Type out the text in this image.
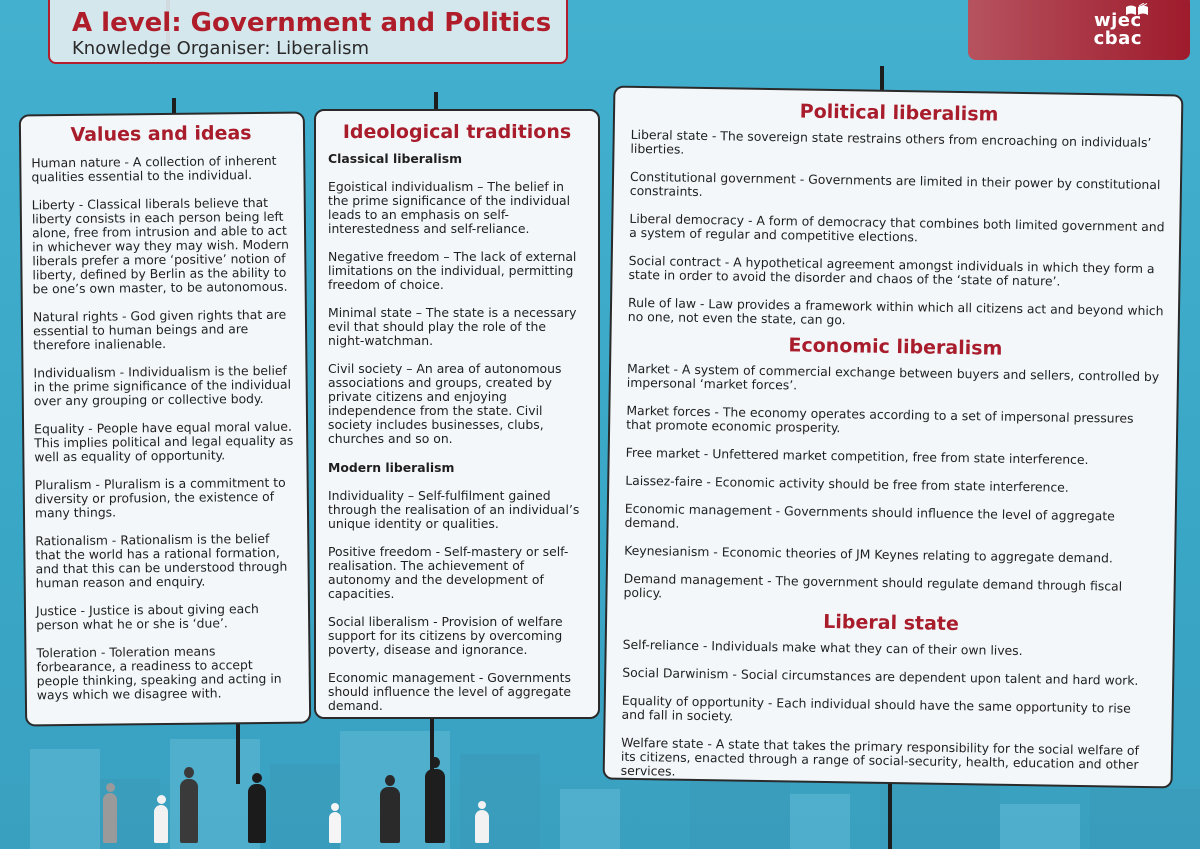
A level: Government and Politics

Knowledge Organiser: Liberalism

wjec
cbac
Values and ideas

Human nature - A collection of inherent qualities essential to the individual.

Liberty - Classical liberals believe that liberty consists in each person being left alone, free from intrusion and able to act in whichever way they may wish. Modern liberals prefer a more ‘positive’ notion of liberty, defined by Berlin as the ability to be one’s own master, to be autonomous.

Natural rights - God given rights that are essential to human beings and are therefore inalienable.

Individualism - Individualism is the belief in the prime significance of the individual over any grouping or collective body.

Equality - People have equal moral value. This implies political and legal equality as well as equality of opportunity.

Pluralism - Pluralism is a commitment to diversity or profusion, the existence of many things.

Rationalism - Rationalism is the belief that the world has a rational formation, and that this can be understood through human reason and enquiry.

Justice - Justice is about giving each person what he or she is ‘due’.

Toleration - Toleration means forbearance, a readiness to accept people thinking, speaking and acting in ways which we disagree with.

Ideological traditions

Classical liberalism

Egoistical individualism – The belief in the prime significance of the individual leads to an emphasis on self-interestedness and self-reliance.

Negative freedom – The lack of external limitations on the individual, permitting freedom of choice.

Minimal state – The state is a necessary evil that should play the role of the night-watchman.

Civil society – An area of autonomous associations and groups, created by private citizens and enjoying independence from the state. Civil society includes businesses, clubs, churches and so on.

Modern liberalism

Individuality – Self-fulfilment gained through the realisation of an individual’s unique identity or qualities.

Positive freedom - Self-mastery or self-realisation. The achievement of autonomy and the development of capacities.

Social liberalism - Provision of welfare support for its citizens by overcoming poverty, disease and ignorance.

Economic management - Governments should influence the level of aggregate demand.

Political liberalism

Liberal state - The sovereign state restrains others from encroaching on individuals’ liberties.

Constitutional government - Governments are limited in their power by constitutional constraints.

Liberal democracy - A form of democracy that combines both limited government and a system of regular and competitive elections.

Social contract - A hypothetical agreement amongst individuals in which they form a state in order to avoid the disorder and chaos of the ‘state of nature’.

Rule of law - Law provides a framework within which all citizens act and beyond which no one, not even the state, can go.

Economic liberalism

Market - A system of commercial exchange between buyers and sellers, controlled by impersonal ‘market forces’.

Market forces - The economy operates according to a set of impersonal pressures that promote economic prosperity.

Free market - Unfettered market competition, free from state interference.

Laissez-faire - Economic activity should be free from state interference.

Economic management - Governments should influence the level of aggregate demand.

Keynesianism - Economic theories of JM Keynes relating to aggregate demand.

Demand management - The government should regulate demand through fiscal policy.

Liberal state

Self-reliance - Individuals make what they can of their own lives.

Social Darwinism - Social circumstances are dependent upon talent and hard work.

Equality of opportunity - Each individual should have the same opportunity to rise and fall in society.

Welfare state - A state that takes the primary responsibility for the social welfare of its citizens, enacted through a range of social-security, health, education and other services.
